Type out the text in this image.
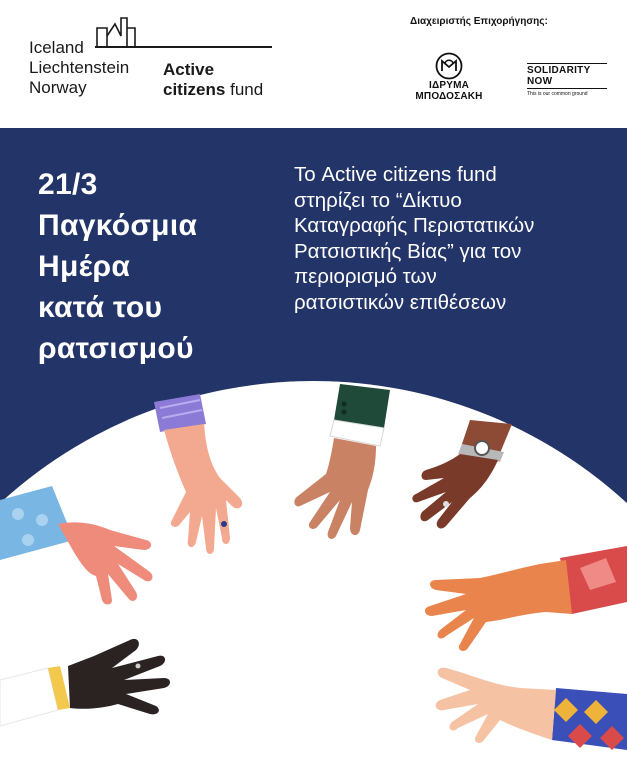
Iceland
Liechtenstein
Norway
Active
citizens fund
Διαχειριστής Επιχορήγησης:
ΙΔΡΥΜΑ
ΜΠΟΔΟΣΑΚΗ
SOLIDARITY
NOW
This is our common ground
21/3
Παγκόσμια
Ημέρα
κατά του
ρατσισμού
Το Active citizens fund
στηρίζει το “Δίκτυο
Καταγραφής Περιστατικών
Ρατσιστικής Βίας” για τον
περιορισμό των
ρατσιστικών επιθέσεων
